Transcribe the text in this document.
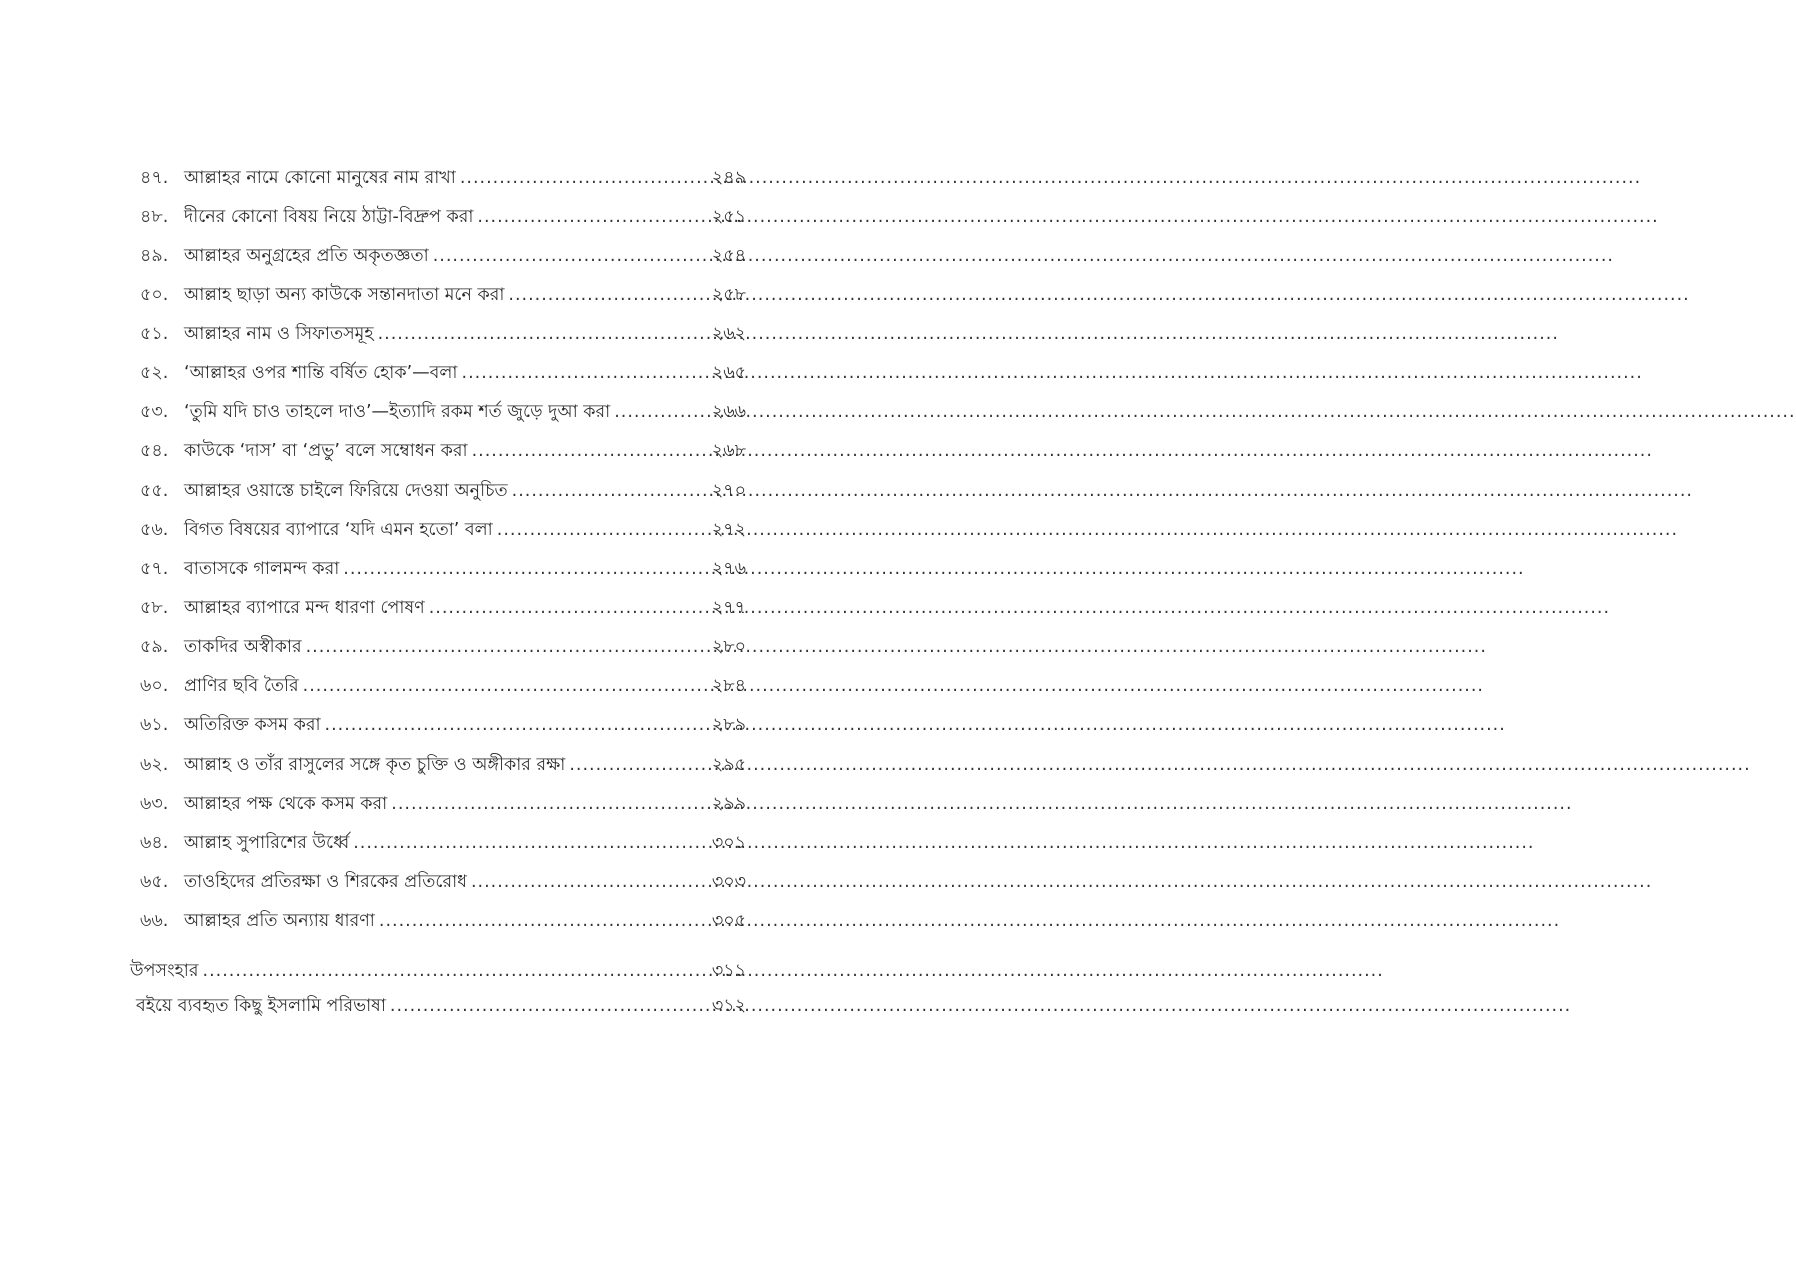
৪৭. আল্লাহর নামে কোনো মানুষের নাম রাখা .....	২৪৯
৪৮. দীনের কোনো বিষয় নিয়ে ঠাট্টা-বিদ্রুপ করা .....	২৫১
৪৯. আল্লাহর অনুগ্রহের প্রতি অকৃতজ্ঞতা .....	২৫৪
৫০. আল্লাহ ছাড়া অন্য কাউকে সন্তানদাতা মনে করা .....	২৫৮
৫১. আল্লাহর নাম ও সিফাতসমূহ .....	২৬২
৫২. ‘আল্লাহর ওপর শান্তি বর্ষিত হোক’—বলা .....	২৬৫
৫৩. ‘তুমি যদি চাও তাহলে দাও’—ইত্যাদি রকম শর্ত জুড়ে দুআ করা .....	২৬৬
৫৪. কাউকে ‘দাস’ বা ‘প্রভু’ বলে সম্বোধন করা .....	২৬৮
৫৫. আল্লাহর ওয়াস্তে চাইলে ফিরিয়ে দেওয়া অনুচিত .....	২৭০
৫৬. বিগত বিষয়ের ব্যাপারে ‘যদি এমন হতো’ বলা .....	২৭২
৫৭. বাতাসকে গালমন্দ করা .....	২৭৬
৫৮. আল্লাহর ব্যাপারে মন্দ ধারণা পোষণ .....	২৭৭
৫৯. তাকদির অস্বীকার .....	২৮০
৬০. প্রাণির ছবি তৈরি .....	২৮৪
৬১. অতিরিক্ত কসম করা .....	২৮৯
৬২. আল্লাহ ও তাঁর রাসুলের সঙ্গে কৃত চুক্তি ও অঙ্গীকার রক্ষা .....	২৯৫
৬৩. আল্লাহর পক্ষ থেকে কসম করা .....	২৯৯
৬৪. আল্লাহ সুপারিশের উর্ধ্বে .....	৩০১
৬৫. তাওহিদের প্রতিরক্ষা ও শিরকের প্রতিরোধ .....	৩০৩
৬৬. আল্লাহর প্রতি অন্যায় ধারণা .....	৩০৫
উপসংহার .....	৩১১
বইয়ে ব্যবহৃত কিছু ইসলামি পরিভাষা .....	৩১২
